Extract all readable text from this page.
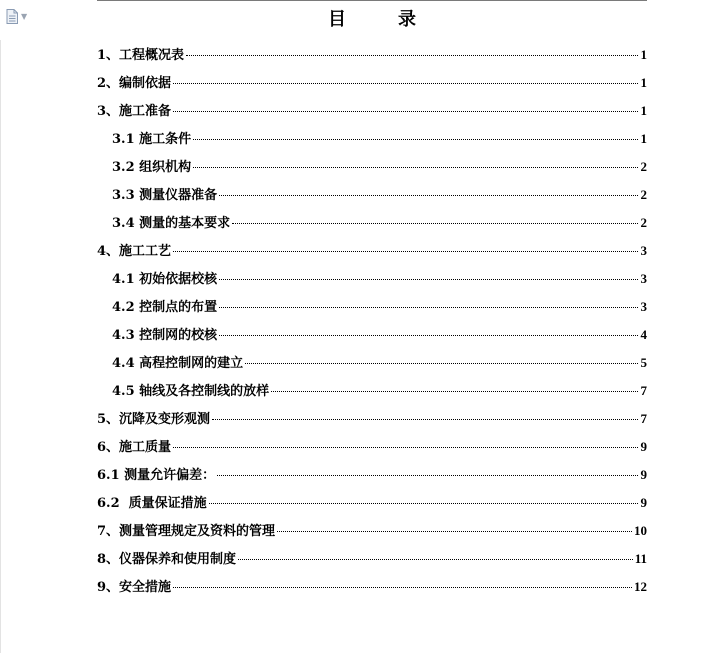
▼	目录
1、工程概况表	1
2、编制依据	1
3、施工准备	1
3.1 施工条件	1
3.2 组织机构	2
3.3 测量仪器准备	2
3.4 测量的基本要求	2
4、施工工艺	3
4.1 初始依据校核	3
4.2 控制点的布置	3
4.3 控制网的校核	4
4.4 高程控制网的建立	5
4.5 轴线及各控制线的放样	7
5、沉降及变形观测	7
6、施工质量	9
6.1 测量允许偏差：	9
6.2  质量保证措施	9
7、测量管理规定及资料的管理	10
8、仪器保养和使用制度	11
9、安全措施	12
